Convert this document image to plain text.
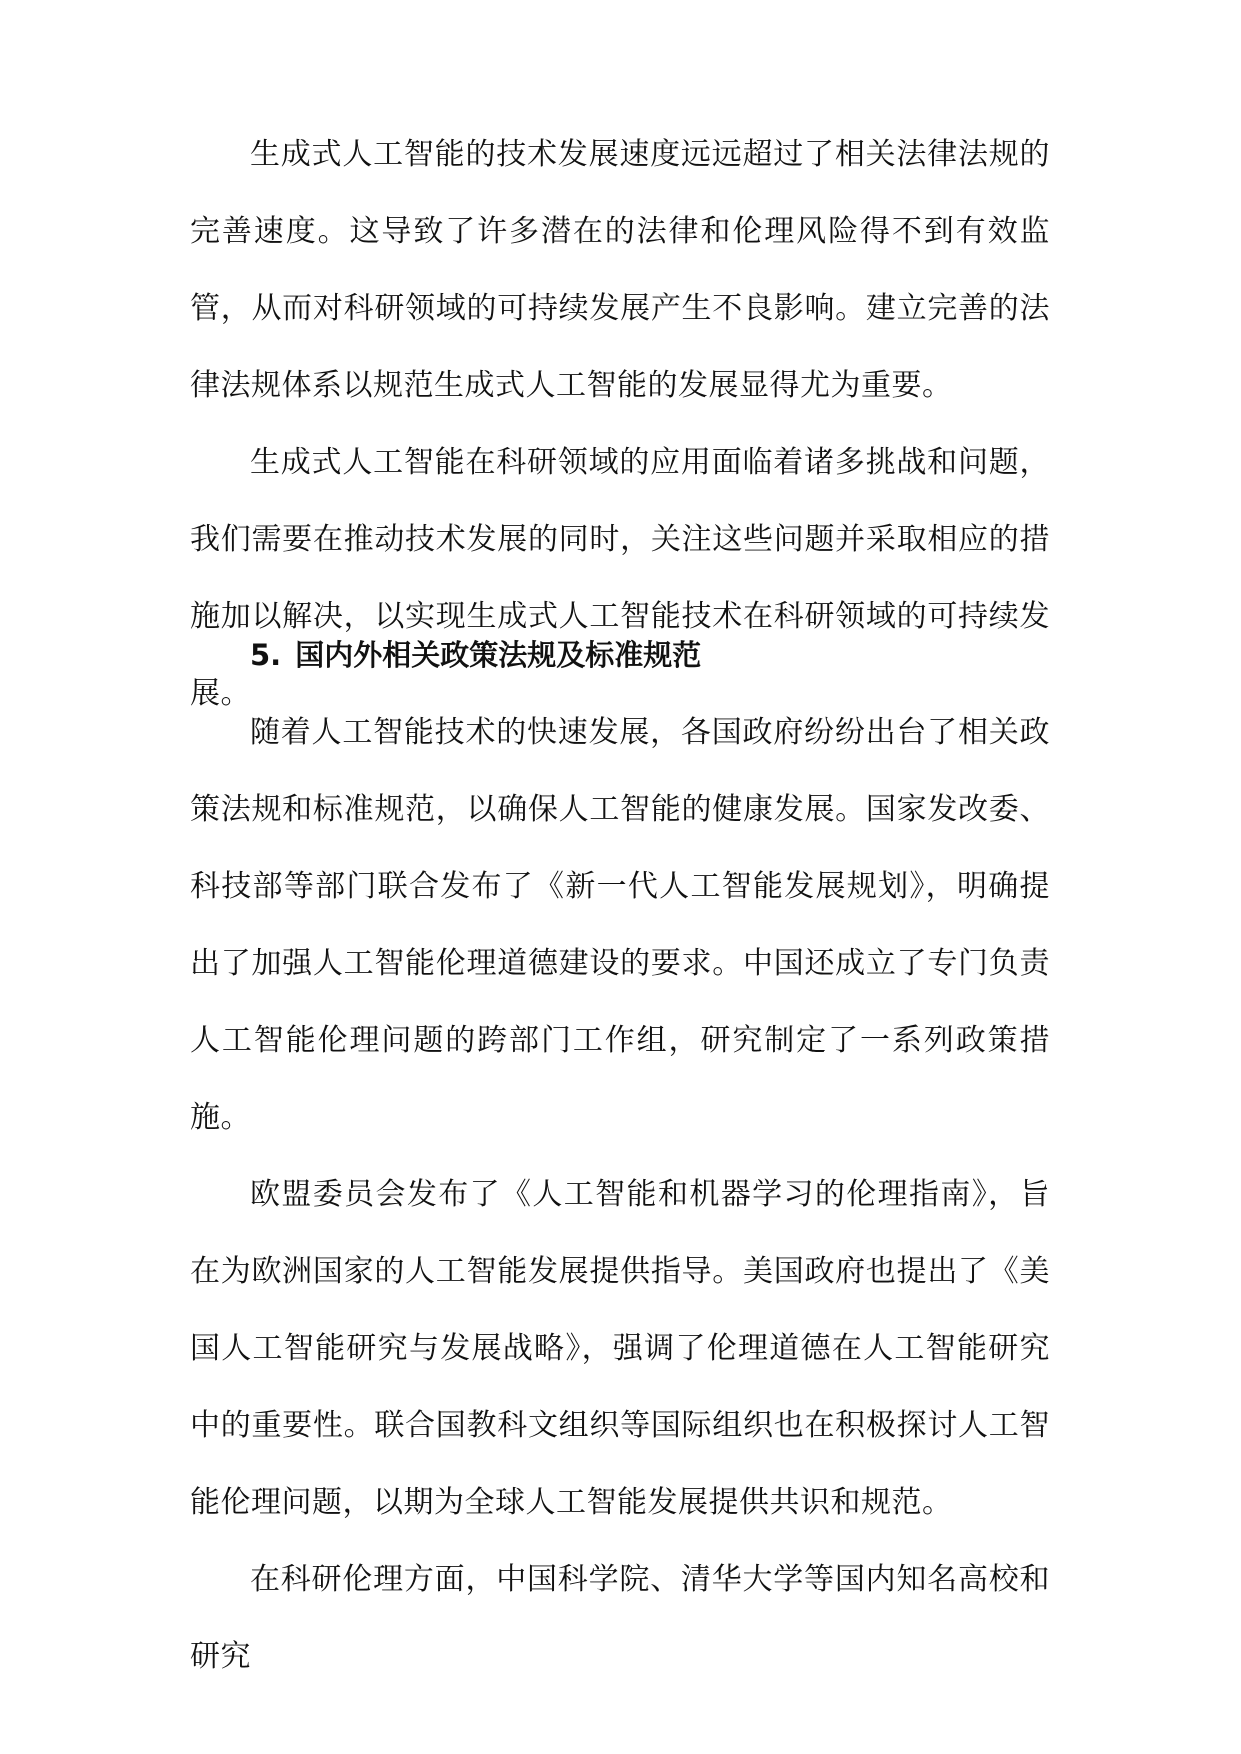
生成式人工智能的技术发展速度远远超过了相关法律法规的完善速度。这导致了许多潜在的法律和伦理风险得不到有效监管，从而对科研领域的可持续发展产生不良影响。建立完善的法律法规体系以规范生成式人工智能的发展显得尤为重要。

生成式人工智能在科研领域的应用面临着诸多挑战和问题，我们需要在推动技术发展的同时，关注这些问题并采取相应的措施加以解决，以实现生成式人工智能技术在科研领域的可持续发展。

5. 国内外相关政策法规及标准规范

随着人工智能技术的快速发展，各国政府纷纷出台了相关政策法规和标准规范，以确保人工智能的健康发展。国家发改委、科技部等部门联合发布了《新一代人工智能发展规划》，明确提出了加强人工智能伦理道德建设的要求。中国还成立了专门负责人工智能伦理问题的跨部门工作组，研究制定了一系列政策措施。

欧盟委员会发布了《人工智能和机器学习的伦理指南》，旨在为欧洲国家的人工智能发展提供指导。美国政府也提出了《美国人工智能研究与发展战略》，强调了伦理道德在人工智能研究中的重要性。联合国教科文组织等国际组织也在积极探讨人工智能伦理问题，以期为全球人工智能发展提供共识和规范。

在科研伦理方面，中国科学院、清华大学等国内知名高校和研究
